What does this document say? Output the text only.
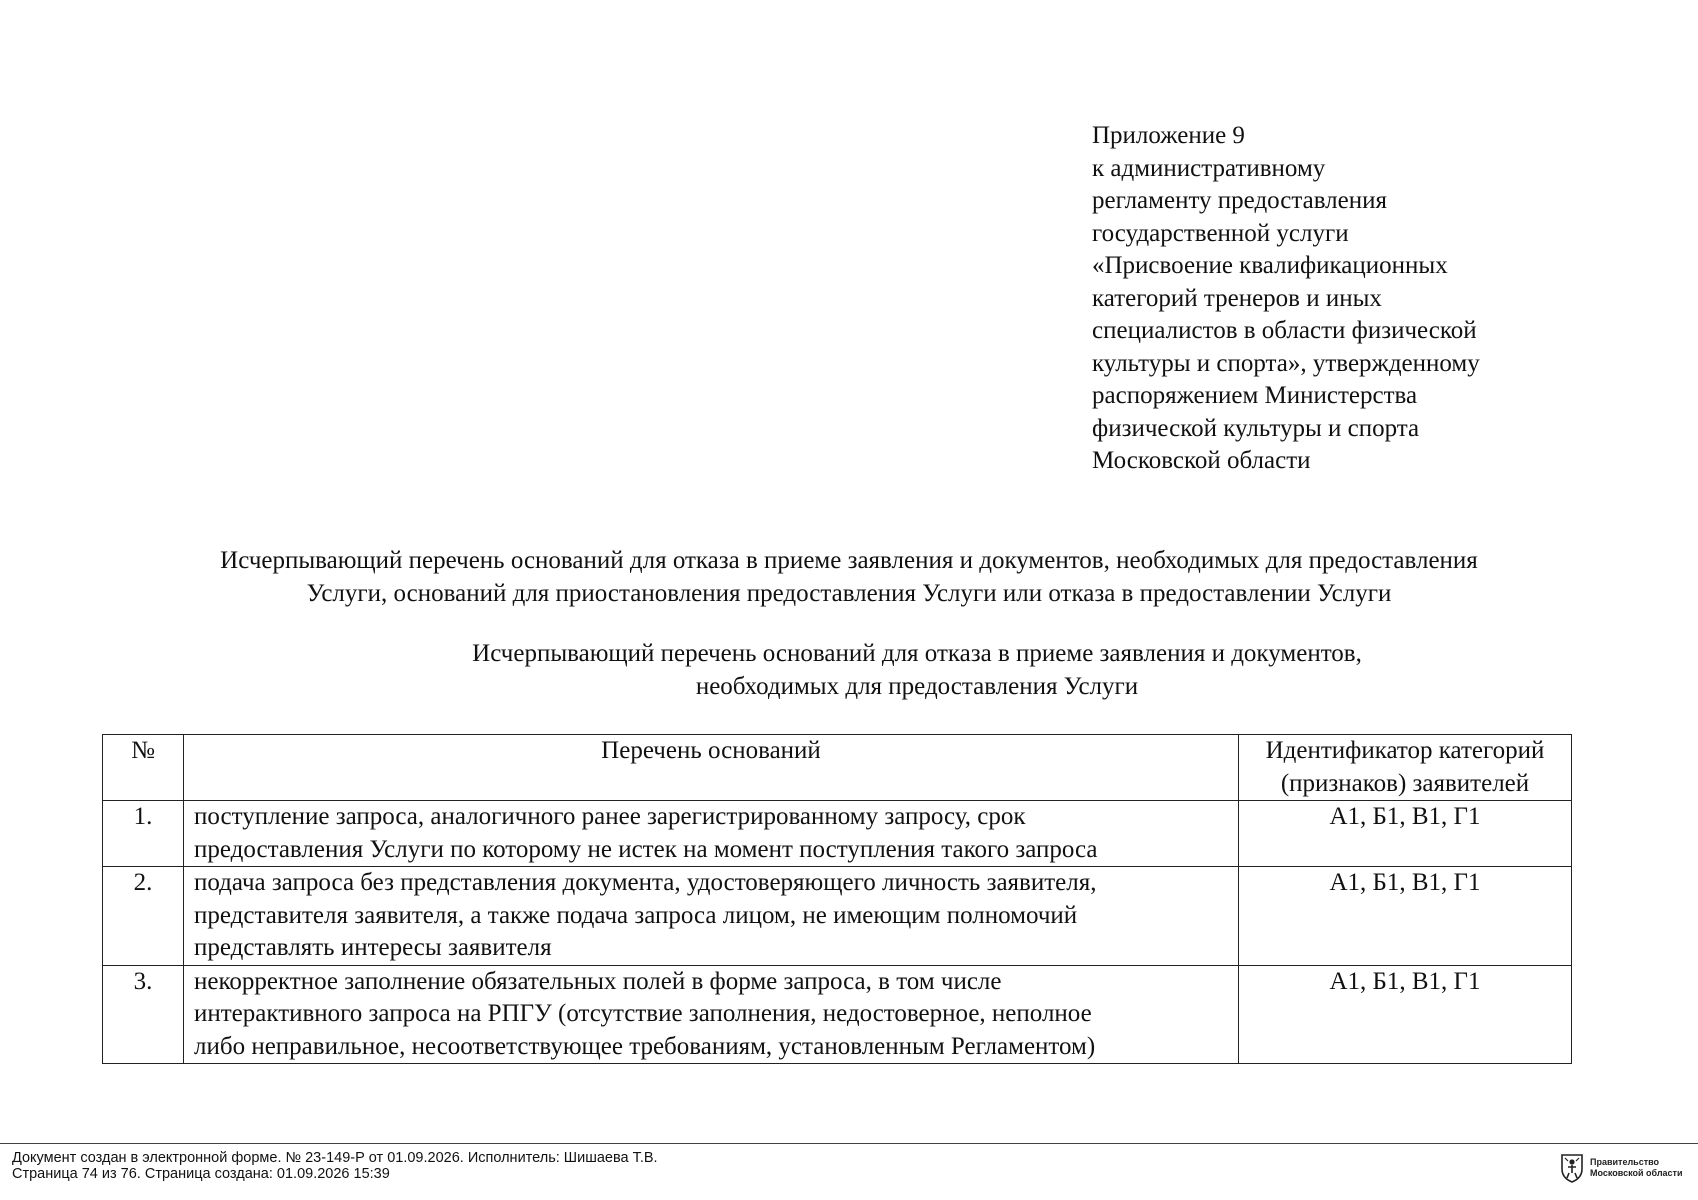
Приложение 9
к административному
регламенту предоставления
государственной услуги
«Присвоение квалификационных
категорий тренеров и иных
специалистов в области физической
культуры и спорта», утвержденному
распоряжением Министерства
физической культуры и спорта
Московской области
Исчерпывающий перечень оснований для отказа в приеме заявления и документов, необходимых для предоставления
Услуги, оснований для приостановления предоставления Услуги или отказа в предоставлении Услуги
Исчерпывающий перечень оснований для отказа в приеме заявления и документов,
необходимых для предоставления Услуги
№	Перечень оснований	Идентификатор категорий
(признаков) заявителей

1.	поступление запроса, аналогичного ранее зарегистрированному запросу, срок
предоставления Услуги по которому не истек на момент поступления такого запроса	А1, Б1, В1, Г1
2.	подача запроса без представления документа, удостоверяющего личность заявителя,
представителя заявителя, а также подача запроса лицом, не имеющим полномочий
представлять интересы заявителя	А1, Б1, В1, Г1
3.	некорректное заполнение обязательных полей в форме запроса, в том числе
интерактивного запроса на РПГУ (отсутствие заполнения, недостоверное, неполное
либо неправильное, несоответствующее требованиям, установленным Регламентом)	А1, Б1, В1, Г1
Документ создан в электронной форме. № 23-149-Р от 01.09.2026. Исполнитель: Шишаева Т.В.
Страница 74 из 76. Страница создана: 01.09.2026 15:39
Правительство
Московской области
